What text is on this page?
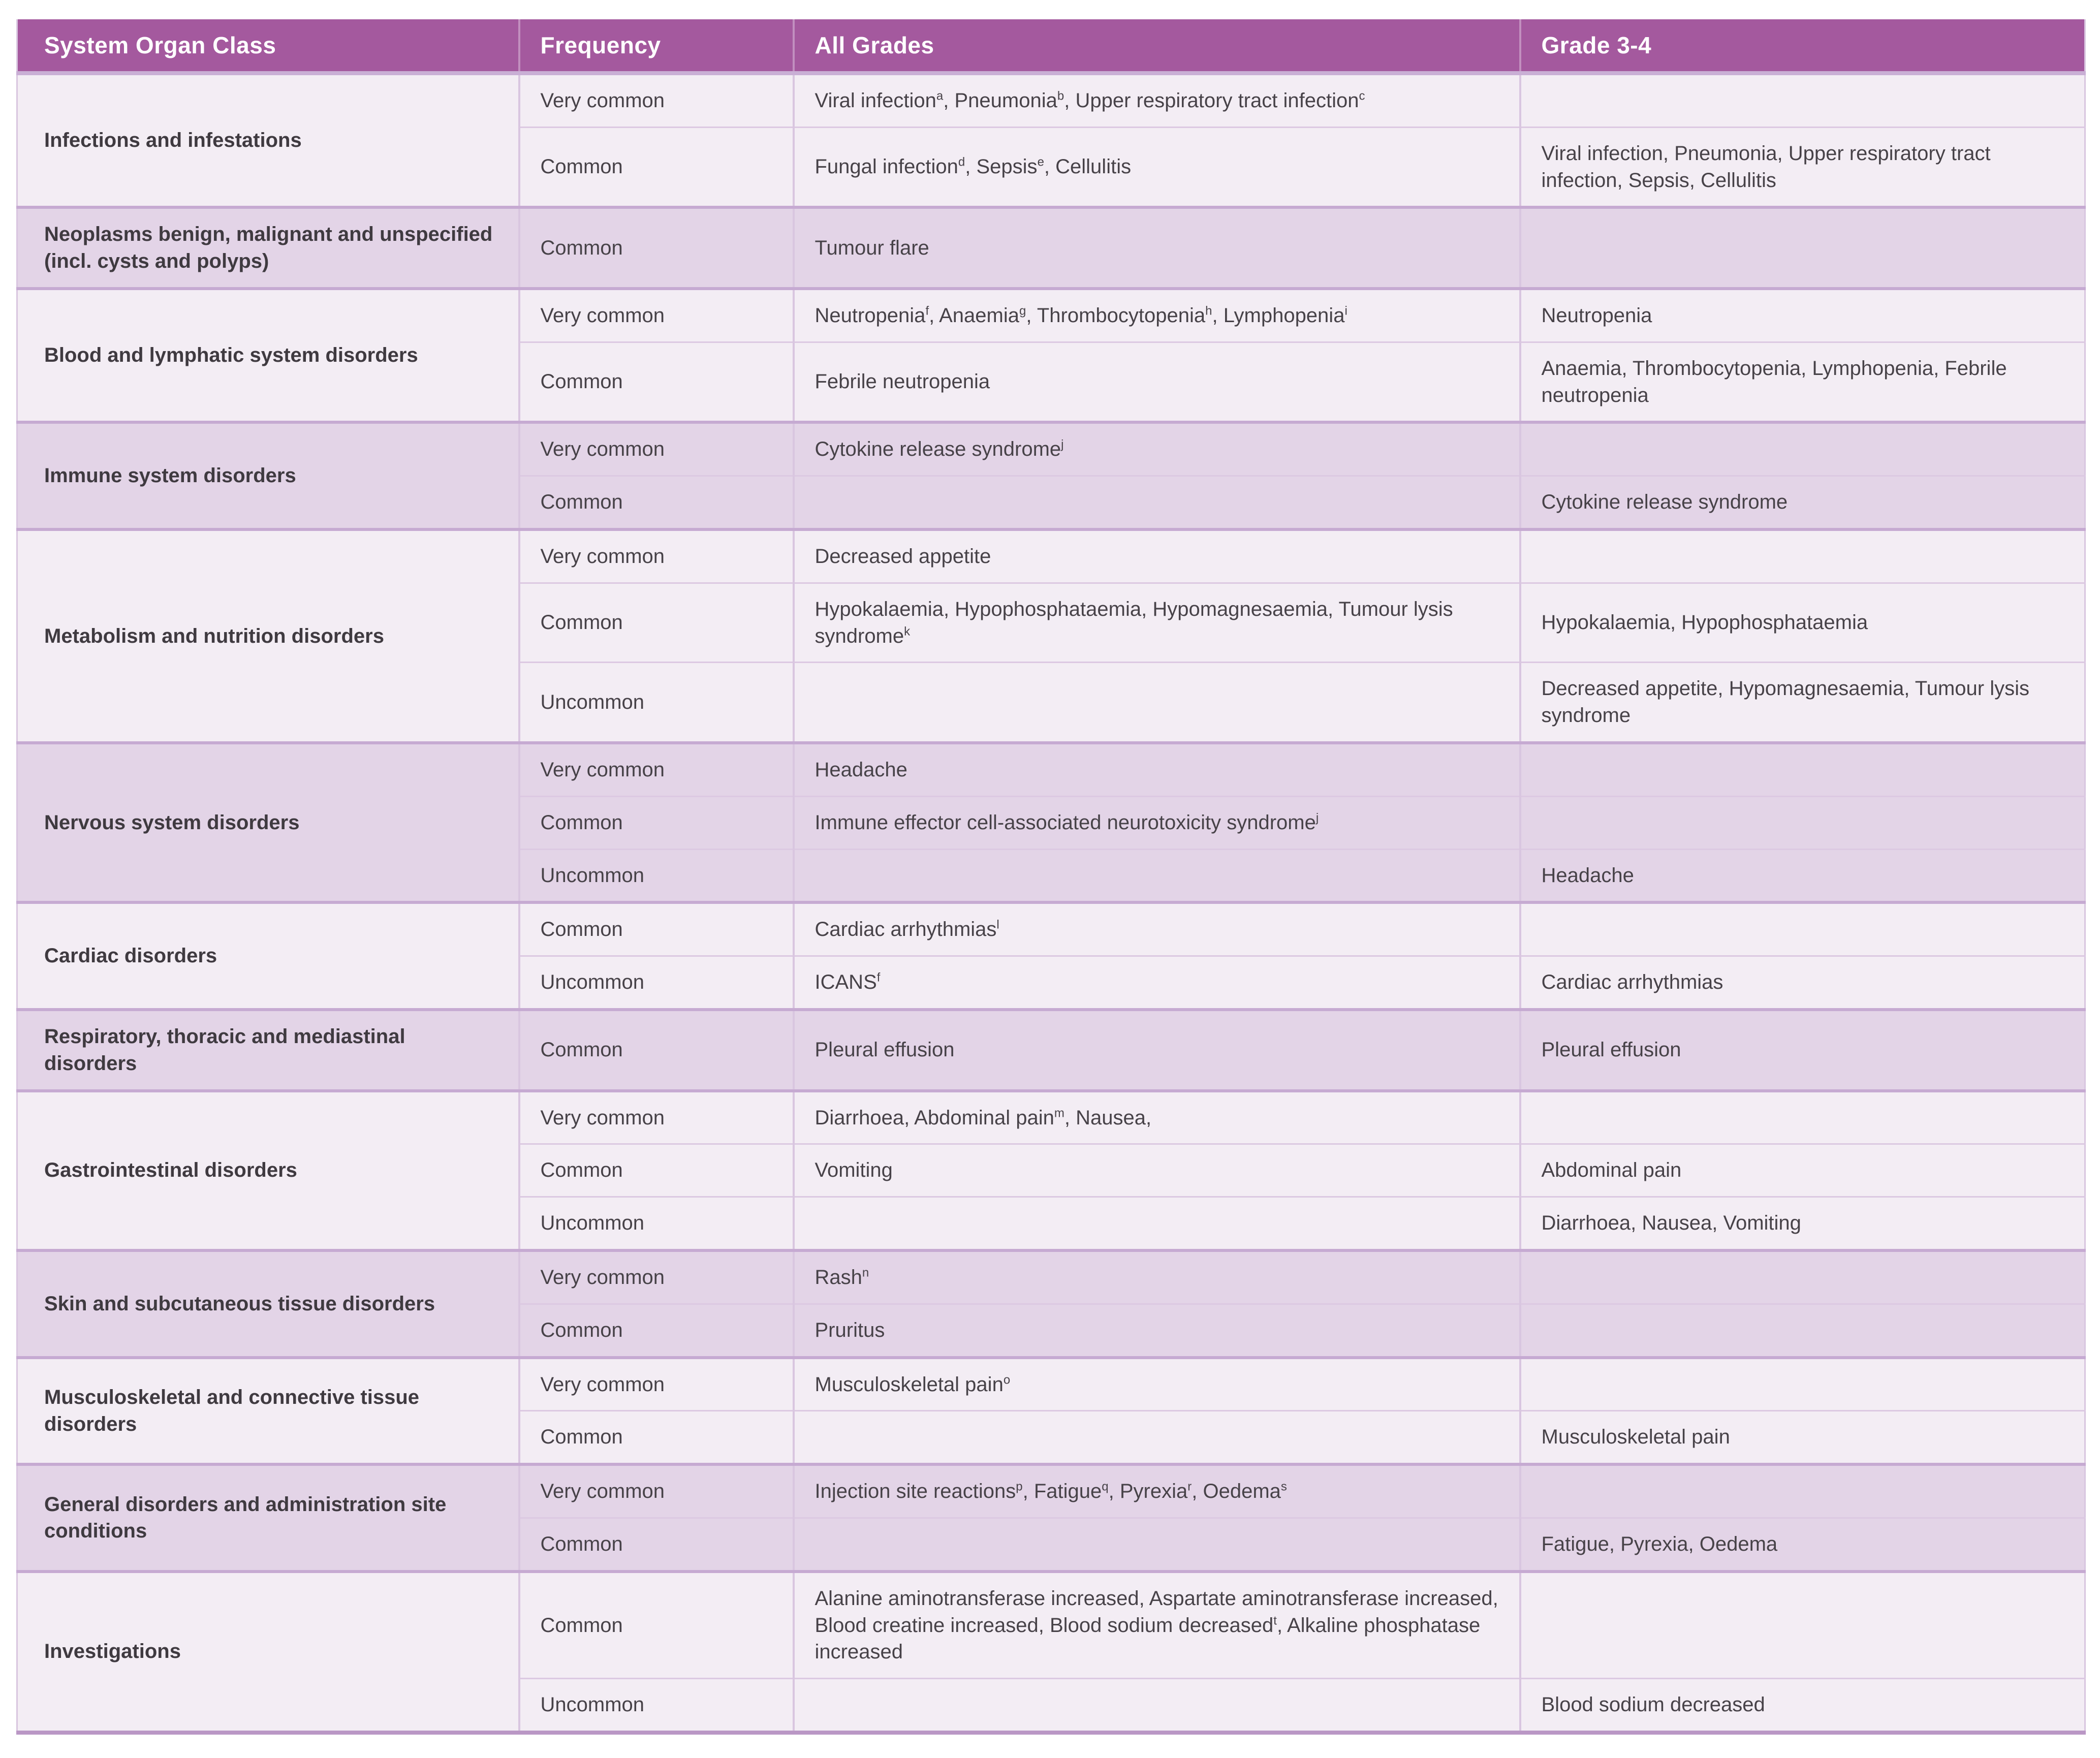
System Organ Class	Frequency	All Grades	Grade 3-4
Infections and infestations	Very common	Viral infection$^a$, Pneumonia$^b$, Upper respiratory tract infection$^c$	
	Common	Fungal infection$^d$, Sepsis$^e$, Cellulitis	Viral infection, Pneumonia, Upper respiratory tract infection, Sepsis, Cellulitis
Neoplasms benign, malignant and unspecified (incl. cysts and polyps)	Common	Tumour flare	
Blood and lymphatic system disorders	Very common	Neutropenia$^f$, Anaemia$^g$, Thrombocytopenia$^h$, Lymphopenia$^i$	Neutropenia
	Common	Febrile neutropenia	Anaemia, Thrombocytopenia, Lymphopenia, Febrile neutropenia
Immune system disorders	Very common	Cytokine release syndrome$^j$	
	Common		Cytokine release syndrome
Metabolism and nutrition disorders	Very common	Decreased appetite	
	Common	Hypokalaemia, Hypophosphataemia, Hypomagnesaemia, Tumour lysis syndrome$^k$	Hypokalaemia, Hypophosphataemia
	Uncommon		Decreased appetite, Hypomagnesaemia, Tumour lysis syndrome
Nervous system disorders	Very common	Headache	
	Common	Immune effector cell-associated neurotoxicity syndrome$^j$	
	Uncommon		Headache
Cardiac disorders	Common	Cardiac arrhythmias$^l$	
	Uncommon	ICANS$^f$	Cardiac arrhythmias
Respiratory, thoracic and mediastinal disorders	Common	Pleural effusion	Pleural effusion
Gastrointestinal disorders	Very common	Diarrhoea, Abdominal pain$^m$, Nausea,	
	Common	Vomiting	Abdominal pain
	Uncommon		Diarrhoea, Nausea, Vomiting
Skin and subcutaneous tissue disorders	Very common	Rash$^n$	
	Common	Pruritus	
Musculoskeletal and connective tissue disorders	Very common	Musculoskeletal pain$^o$	
	Common		Musculoskeletal pain
General disorders and administration site conditions	Very common	Injection site reactions$^p$, Fatigue$^q$, Pyrexia$^r$, Oedema$^s$	
	Common		Fatigue, Pyrexia, Oedema
Investigations	Common	Alanine aminotransferase increased, Aspartate aminotransferase increased, Blood creatine increased, Blood sodium decreased$^t$, Alkaline phosphatase increased	
	Uncommon		Blood sodium decreased
